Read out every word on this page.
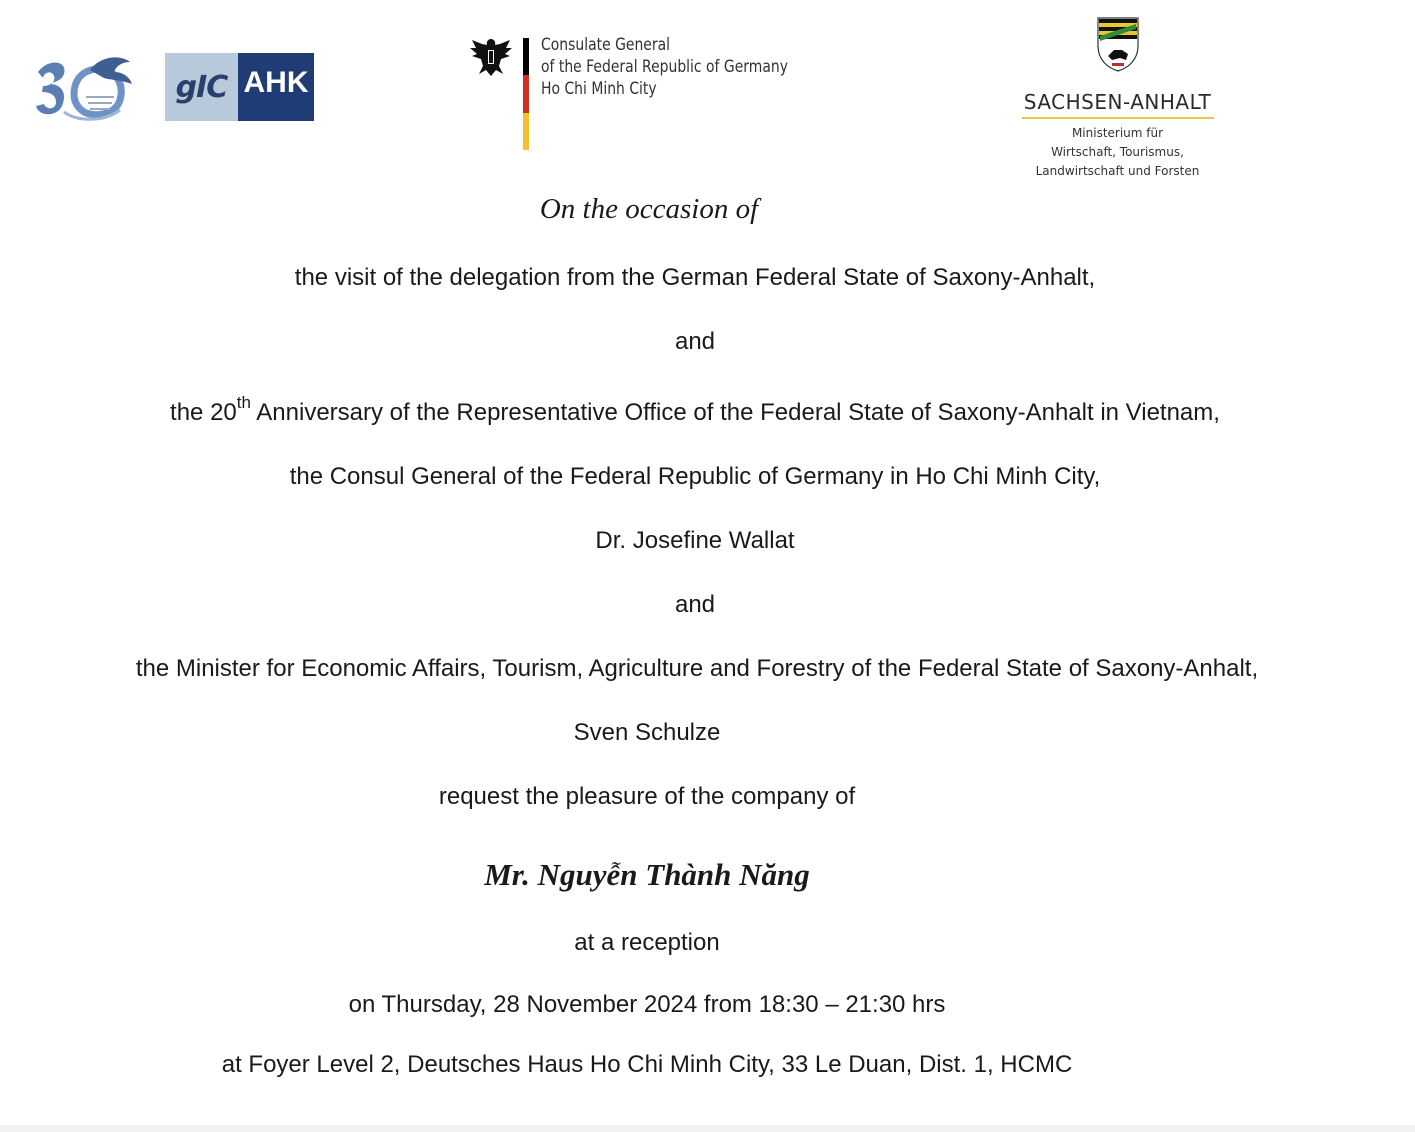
gIC AHK
Consulate General
of the Federal Republic of Germany
Ho Chi Minh City
SACHSEN-ANHALT
Ministerium für
Wirtschaft, Tourismus,
Landwirtschaft und Forsten
On the occasion of
the visit of the delegation from the German Federal State of Saxony-Anhalt,
and
the 20th Anniversary of the Representative Office of the Federal State of Saxony-Anhalt in Vietnam,
the Consul General of the Federal Republic of Germany in Ho Chi Minh City,
Dr. Josefine Wallat
and
the Minister for Economic Affairs, Tourism, Agriculture and Forestry of the Federal State of Saxony-Anhalt,
Sven Schulze
request the pleasure of the company of
Mr. Nguyễn Thành Năng
at a reception
on Thursday, 28 November 2024 from 18:30 – 21:30 hrs
at Foyer Level 2, Deutsches Haus Ho Chi Minh City, 33 Le Duan, Dist. 1, HCMC
